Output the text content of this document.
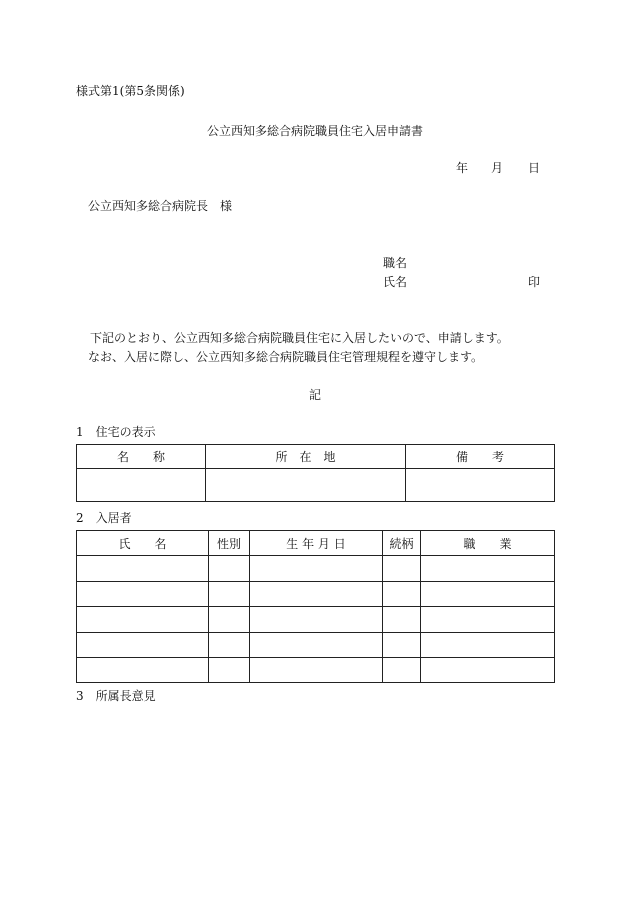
様式第1(第5条関係)
公立西知多総合病院職員住宅入居申請書
年 月 日
公立西知多総合病院長　様
職名
氏名	印
下記のとおり、公立西知多総合病院職員住宅に入居したいので、申請します。
　なお、入居に際し、公立西知多総合病院職員住宅管理規程を遵守します。
記
1　住宅の表示
名　　称	所　在　地	備　　考

2　入居者
氏　　名	性別	生 年 月 日	続柄	職　　業

3　所属長意見
